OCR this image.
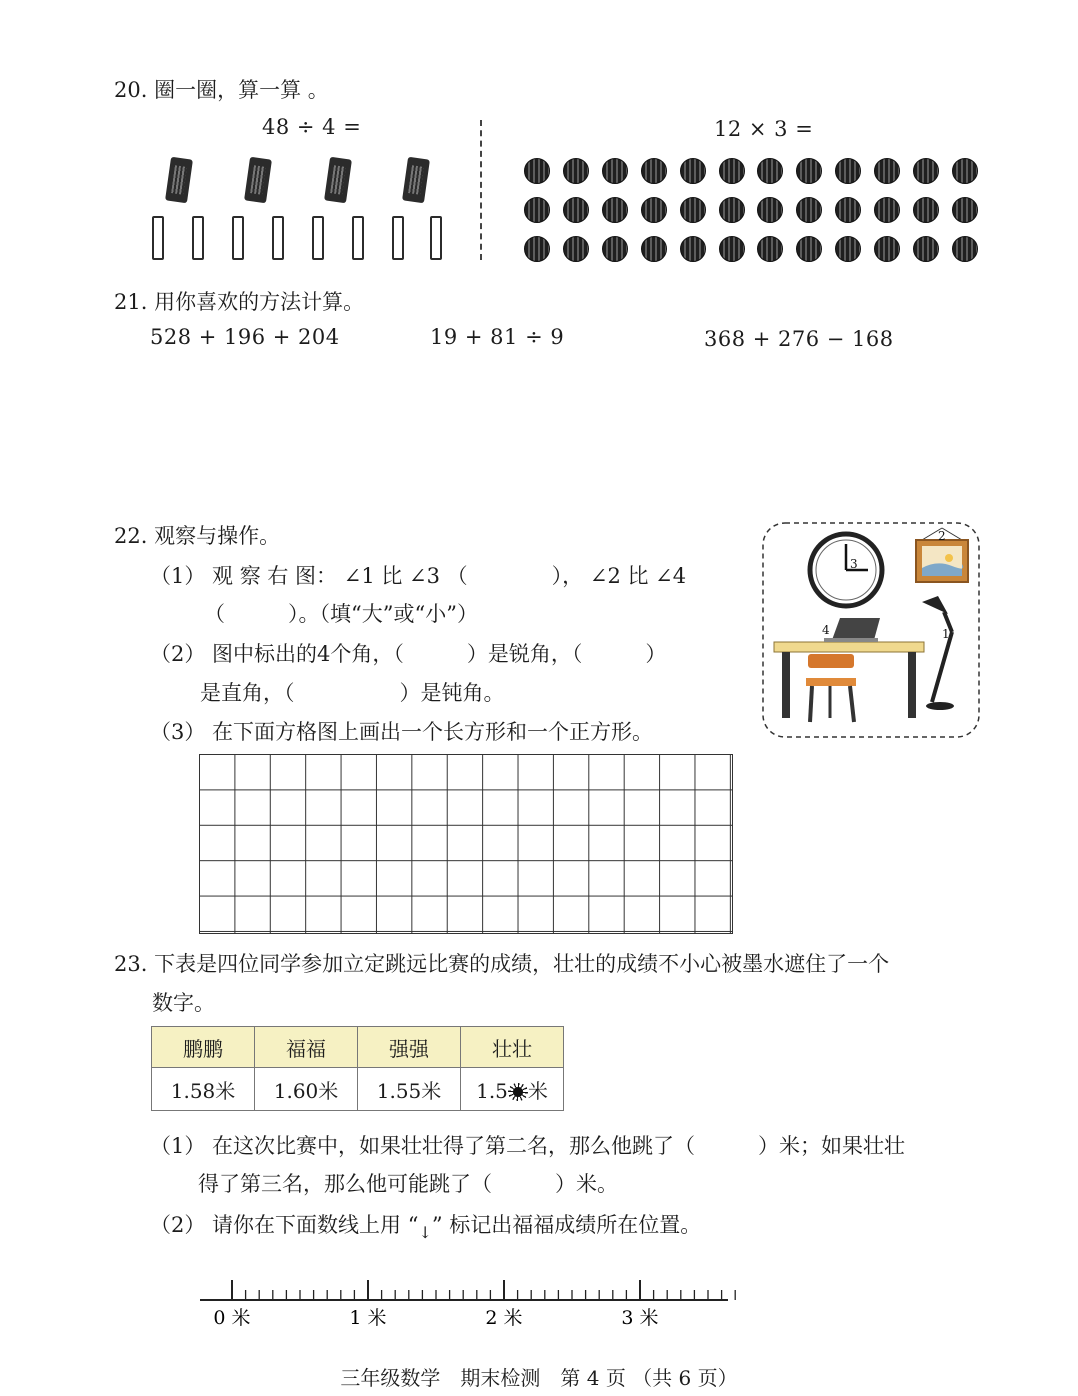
20. 圈一圈，算一算 。
48 ÷ 4 =	12 × 3 =
21. 用你喜欢的方法计算。
528 + 196 + 204	19 + 81 ÷ 9	368 + 276 − 168
22. 观察与操作。
（1） 观 察 右 图： ∠1 比 ∠3 （　　　　）， ∠2 比 ∠4
（　　　）。（填“大”或“小”）
（2） 图中标出的4个角，（　　　）是锐角，（　　　）
是直角，（　　　　　）是钝角。
（3） 在下面方格图上画出一个长方形和一个正方形。
3
2
4	1
23. 下表是四位同学参加立定跳远比赛的成绩，壮壮的成绩不小心被墨水遮住了一个
数字。
鹏鹏	福福	强强	壮壮
1.58米	1.60米	1.55米	1.5 米
（1） 在这次比赛中，如果壮壮得了第二名，那么他跳了（　　　）米；如果壮壮
得了第三名，那么他可能跳了（　　　）米。
（2） 请你在下面数线上用 “↓” 标记出福福成绩所在位置。
0 米	1 米	2 米	3 米
三年级数学　期末检测　第 4 页 （共 6 页）
